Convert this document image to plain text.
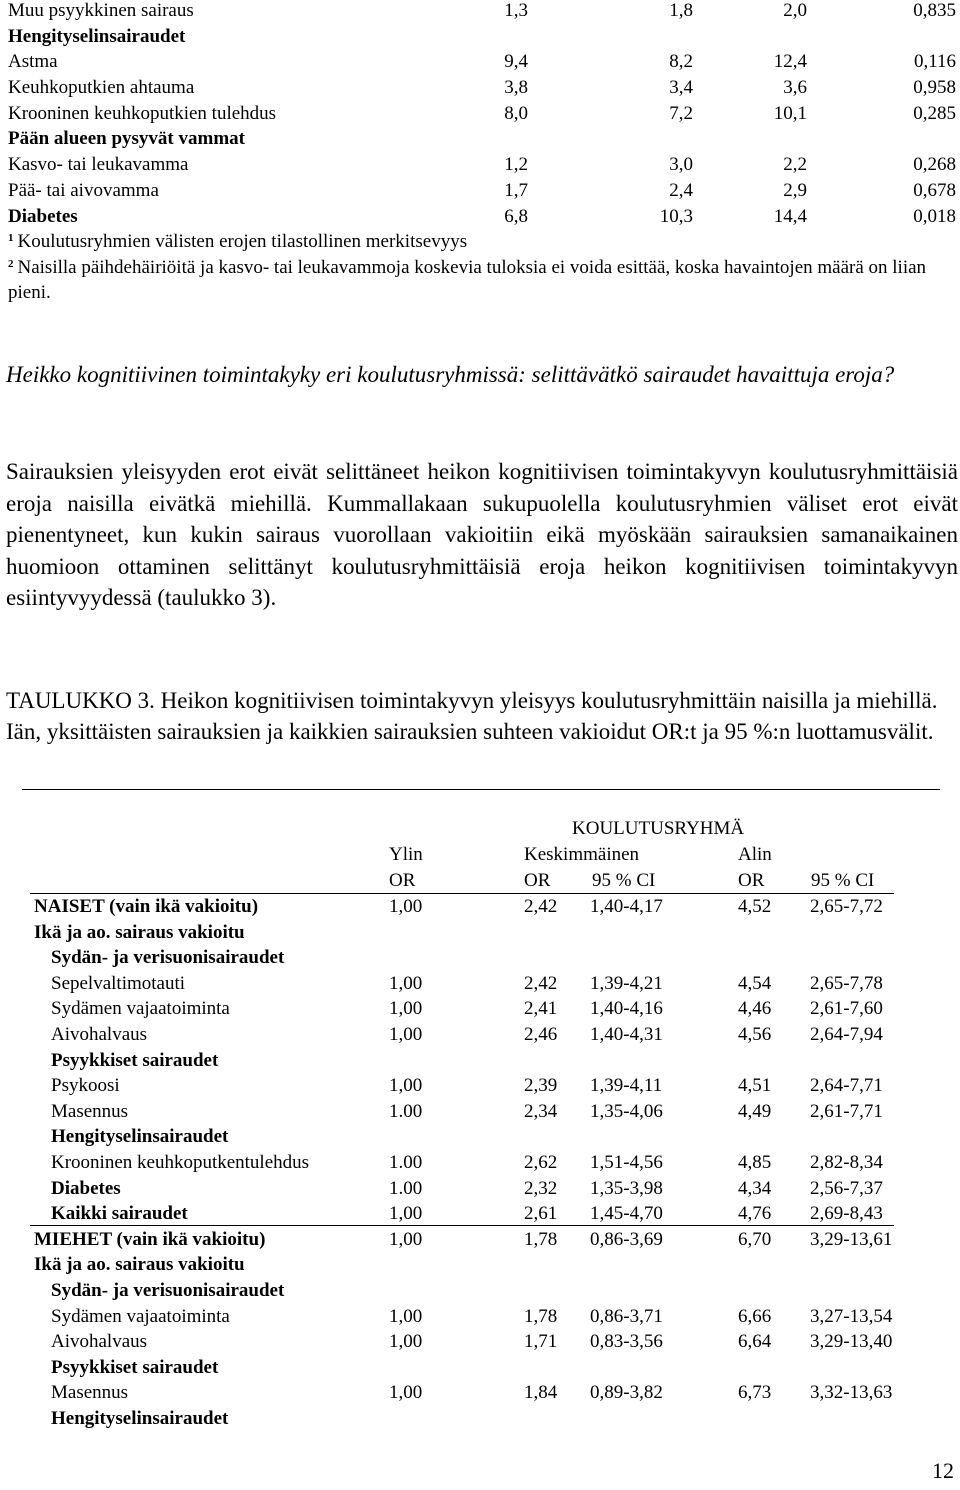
Muu psyykkinen sairaus	1,3	1,8	2,0	0,835
Hengityselinsairaudet
Astma	9,4	8,2	12,4	0,116
Keuhkoputkien ahtauma	3,8	3,4	3,6	0,958
Krooninen keuhkoputkien tulehdus	8,0	7,2	10,1	0,285
Pään alueen pysyvät vammat
Kasvo- tai leukavamma	1,2	3,0	2,2	0,268
Pää- tai aivovamma	1,7	2,4	2,9	0,678
Diabetes	6,8	10,3	14,4	0,018
$^1$ Koulutusryhmien välisten erojen tilastollinen merkitsevyys
$^2$ Naisilla päihdehäiriöitä ja kasvo- tai leukavammoja koskevia tuloksia ei voida esittää, koska havaintojen määrä on liian pieni.
Heikko kognitiivinen toimintakyky eri koulutusryhmissä: selittävätkö sairaudet havaittuja eroja?
Sairauksien yleisyyden erot eivät selittäneet heikon kognitiivisen toimintakyvyn koulutusryhmittäisiä eroja naisilla eivätkä miehillä. Kummallakaan sukupuolella koulutusryhmien väliset erot eivät pienentyneet, kun kukin sairaus vuorollaan vakioitiin eikä myöskään sairauksien samanaikainen huomioon ottaminen selittänyt koulutusryhmittäisiä eroja heikon kognitiivisen toimintakyvyn esiintyvyydessä (taulukko 3).
TAULUKKO 3. Heikon kognitiivisen toimintakyvyn yleisyys koulutusryhmittäin naisilla ja miehillä. Iän, yksittäisten sairauksien ja kaikkien sairauksien suhteen vakioidut OR:t ja 95 %:n luottamusvälit.
KOULUTUSRYHMÄ
Ylin	Keskimmäinen	Alin
OR	OR 95 % CI	OR 95 % CI
NAISET (vain ikä vakioitu)	1,00	2,42 1,40-4,17	4,52 2,65-7,72
Ikä ja ao. sairaus vakioitu
Sydän- ja verisuonisairaudet
Sepelvaltimotauti	1,00	2,42 1,39-4,21	4,54 2,65-7,78
Sydämen vajaatoiminta	1,00	2,41 1,40-4,16	4,46 2,61-7,60
Aivohalvaus	1,00	2,46 1,40-4,31	4,56 2,64-7,94
Psyykkiset sairaudet
Psykoosi	1,00	2,39 1,39-4,11	4,51 2,64-7,71
Masennus	1.00	2,34 1,35-4,06	4,49 2,61-7,71
Hengityselinsairaudet
Krooninen keuhkoputkentulehdus	1.00	2,62 1,51-4,56	4,85 2,82-8,34
Diabetes	1.00	2,32 1,35-3,98	4,34 2,56-7,37
Kaikki sairaudet	1,00	2,61 1,45-4,70	4,76 2,69-8,43
MIEHET (vain ikä vakioitu)	1,00	1,78 0,86-3,69	6,70 3,29-13,61
Ikä ja ao. sairaus vakioitu
Sydän- ja verisuonisairaudet
Sydämen vajaatoiminta	1,00	1,78 0,86-3,71	6,66 3,27-13,54
Aivohalvaus	1,00	1,71 0,83-3,56	6,64 3,29-13,40
Psyykkiset sairaudet
Masennus	1,00	1,84 0,89-3,82	6,73 3,32-13,63
Hengityselinsairaudet
12
